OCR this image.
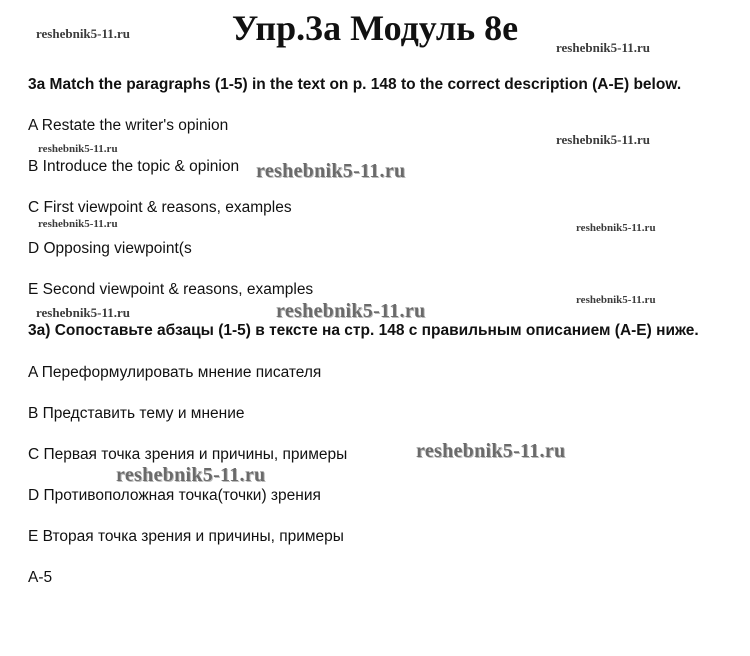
Упр.3а Модуль 8е
3a Match the paragraphs (1-5) in the text on p. 148 to the correct description (A-E) below.
A Restate the writer's opinion
B Introduce the topic & opinion
C First viewpoint & reasons, examples
D Opposing viewpoint(s
E Second viewpoint & reasons, examples
3а) Сопоставьте абзацы (1-5) в тексте на стр. 148 с правильным описанием (A-E) ниже.
A Переформулировать мнение писателя
B Представить тему и мнение
C Первая точка зрения и причины, примеры
D Противоположная точка(точки) зрения
E Вторая точка зрения и причины, примеры
A-5
reshebnik5-11.ru
reshebnik5-11.ru
reshebnik5-11.ru
reshebnik5-11.ru
reshebnik5-11.ru
reshebnik5-11.ru	reshebnik5-11.ru
reshebnik5-11.ru
reshebnik5-11.ru	reshebnik5-11.ru
reshebnik5-11.ru
reshebnik5-11.ru
